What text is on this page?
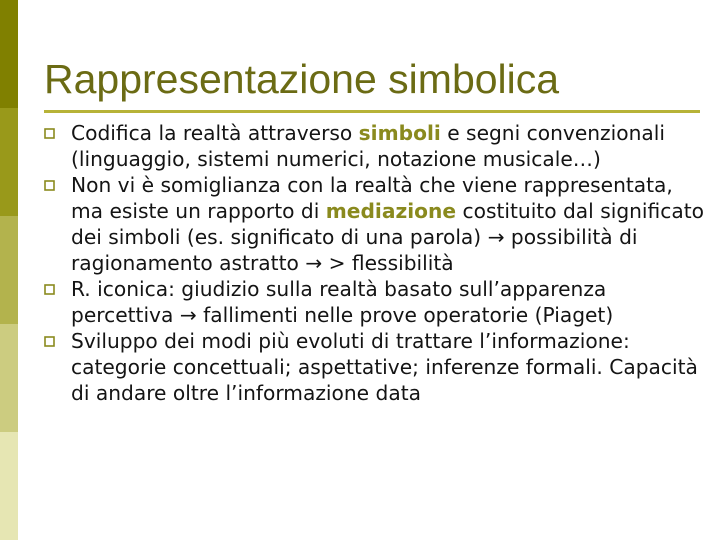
Rappresentazione simbolica
Codifica la realtà attraverso simboli e segni convenzionali (linguaggio, sistemi numerici, notazione musicale…)
Non vi è somiglianza con la realtà che viene rappresentata, ma esiste un rapporto di mediazione costituito dal significato dei simboli (es. significato di una parola) → possibilità di ragionamento astratto → > flessibilità
R. iconica: giudizio sulla realtà basato sull’apparenza percettiva → fallimenti nelle prove operatorie (Piaget)
Sviluppo dei modi più evoluti di trattare l’informazione: categorie concettuali; aspettative; inferenze formali. Capacità di andare oltre l’informazione data
